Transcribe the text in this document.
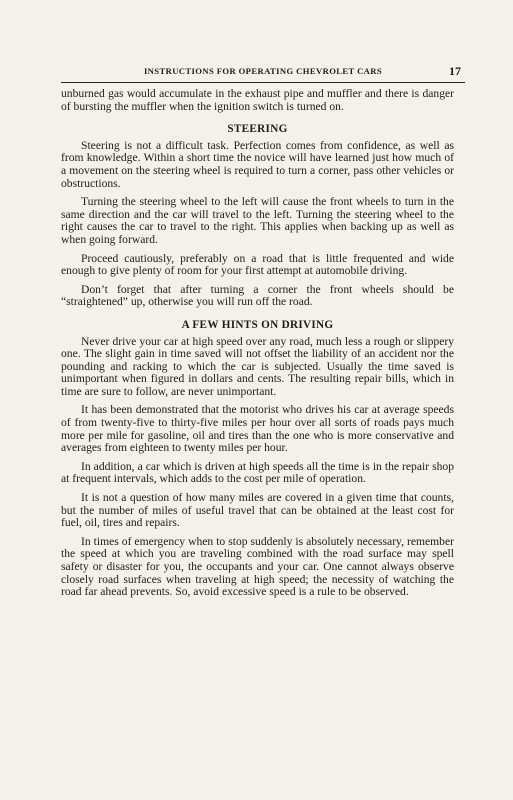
INSTRUCTIONS FOR OPERATING CHEVROLET CARS	17

unburned gas would accumulate in the exhaust pipe and muffler and there is danger of bursting the muffler when the ignition switch is turned on.

STEERING

Steering is not a difficult task. Perfection comes from confidence, as well as from knowledge. Within a short time the novice will have learned just how much of a movement on the steering wheel is required to turn a corner, pass other vehicles or obstructions.

Turning the steering wheel to the left will cause the front wheels to turn in the same direction and the car will travel to the left. Turning the steering wheel to the right causes the car to travel to the right. This applies when backing up as well as when going forward.

Proceed cautiously, preferably on a road that is little frequented and wide enough to give plenty of room for your first attempt at automobile driving.

Don’t forget that after turning a corner the front wheels should be “straightened” up, otherwise you will run off the road.

A FEW HINTS ON DRIVING

Never drive your car at high speed over any road, much less a rough or slippery one. The slight gain in time saved will not offset the liability of an accident nor the pounding and racking to which the car is subjected. Usually the time saved is unimportant when figured in dollars and cents. The resulting repair bills, which in time are sure to follow, are never unimportant.

It has been demonstrated that the motorist who drives his car at average speeds of from twenty-five to thirty-five miles per hour over all sorts of roads pays much more per mile for gasoline, oil and tires than the one who is more conservative and averages from eighteen to twenty miles per hour.

In addition, a car which is driven at high speeds all the time is in the repair shop at frequent intervals, which adds to the cost per mile of operation.

It is not a question of how many miles are covered in a given time that counts, but the number of miles of useful travel that can be obtained at the least cost for fuel, oil, tires and repairs.

In times of emergency when to stop suddenly is absolutely necessary, remember the speed at which you are traveling combined with the road surface may spell safety or disaster for you, the occupants and your car. One cannot always observe closely road surfaces when traveling at high speed; the necessity of watching the road far ahead prevents. So, avoid excessive speed is a rule to be observed.
